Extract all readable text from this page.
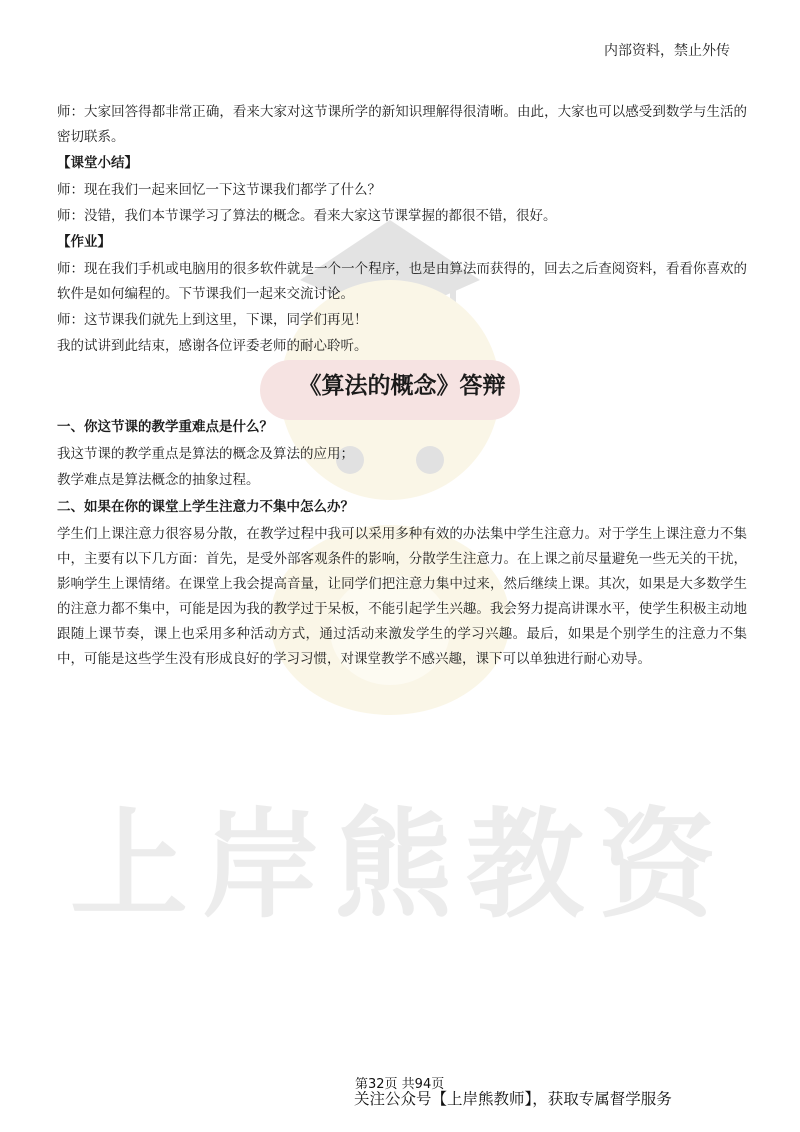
上岸熊教资
内部资料，禁止外传

师：大家回答得都非常正确，看来大家对这节课所学的新知识理解得很清晰。由此，大家也可以感受到数学与生活的密切联系。

【课堂小结】

师：现在我们一起来回忆一下这节课我们都学了什么？

师：没错，我们本节课学习了算法的概念。看来大家这节课掌握的都很不错，很好。

【作业】

师：现在我们手机或电脑用的很多软件就是一个一个程序，也是由算法而获得的，回去之后查阅资料，看看你喜欢的软件是如何编程的。下节课我们一起来交流讨论。

师：这节课我们就先上到这里，下课，同学们再见！

我的试讲到此结束，感谢各位评委老师的耐心聆听。

《算法的概念》答辩

一、你这节课的教学重难点是什么？

我这节课的教学重点是算法的概念及算法的应用；

教学难点是算法概念的抽象过程。

二、如果在你的课堂上学生注意力不集中怎么办？

学生们上课注意力很容易分散，在教学过程中我可以采用多种有效的办法集中学生注意力。对于学生上课注意力不集中，主要有以下几方面：首先，是受外部客观条件的影响，分散学生注意力。在上课之前尽量避免一些无关的干扰，影响学生上课情绪。在课堂上我会提高音量，让同学们把注意力集中过来，然后继续上课。其次，如果是大多数学生的注意力都不集中，可能是因为我的教学过于呆板，不能引起学生兴趣。我会努力提高讲课水平，使学生积极主动地跟随上课节奏，课上也采用多种活动方式，通过活动来激发学生的学习兴趣。最后，如果是个别学生的注意力不集中，可能是这些学生没有形成良好的学习习惯，对课堂教学不感兴趣，课下可以单独进行耐心劝导。

第32页 共94页
关注公众号【上岸熊教师】，获取专属督学服务
